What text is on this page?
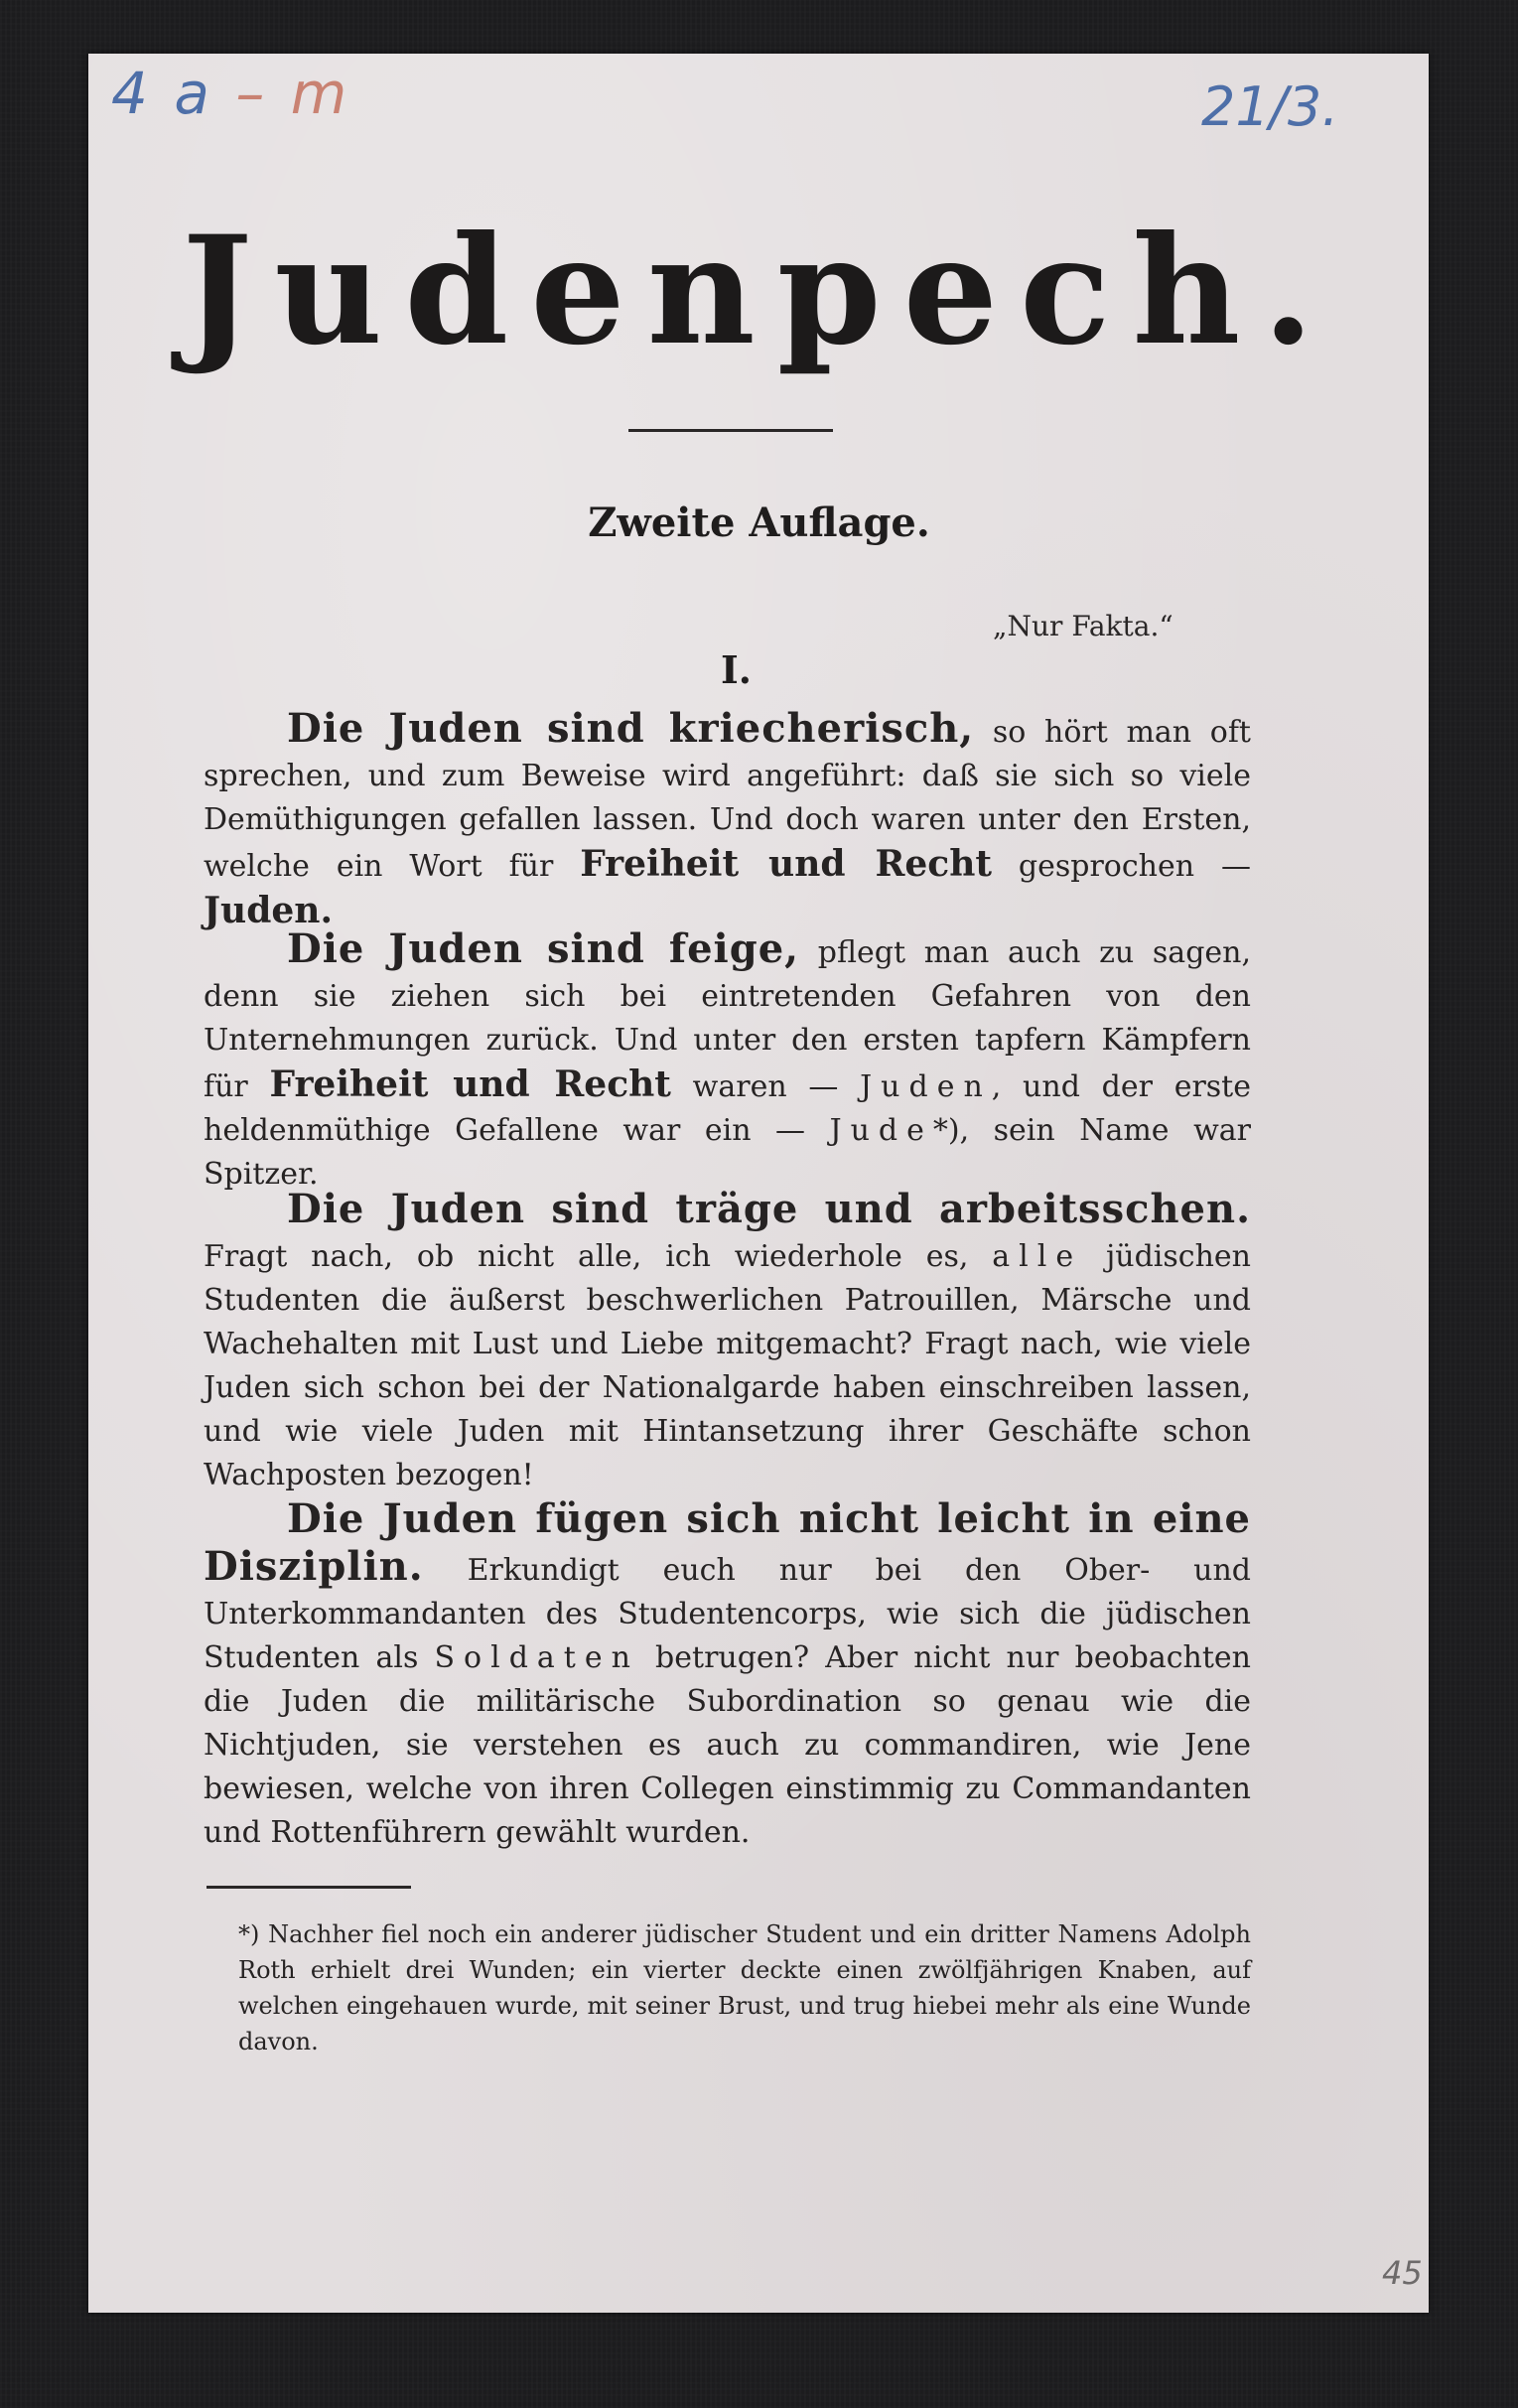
4 a – m	21/3.
45
Judenpech.
Zweite Auflage.
„Nur Fakta.“
I.
Die Juden sind kriecherisch, so hört man oft sprechen, und zum Beweise wird angeführt: daß sie sich so viele Demüthigungen gefallen lassen. Und doch waren unter den Ersten, welche ein Wort für Freiheit und Recht gesprochen — Juden.
Die Juden sind feige, pflegt man auch zu sagen, denn sie ziehen sich bei eintretenden Gefahren von den Unternehmungen zurück. Und unter den ersten tapfern Kämpfern für Freiheit und Recht waren — Juden, und der erste heldenmüthige Gefallene war ein — Jude*), sein Name war Spitzer.
Die Juden sind träge und arbeitsschen. Fragt nach, ob nicht alle, ich wiederhole es, alle jüdischen Studenten die äußerst beschwerlichen Patrouillen, Märsche und Wachehalten mit Lust und Liebe mitgemacht? Fragt nach, wie viele Juden sich schon bei der Nationalgarde haben einschreiben lassen, und wie viele Juden mit Hintansetzung ihrer Geschäfte schon Wachposten bezogen!
Die Juden fügen sich nicht leicht in eine Disziplin. Erkundigt euch nur bei den Ober- und Unterkommandanten des Studentencorps, wie sich die jüdischen Studenten als Soldaten betrugen? Aber nicht nur beobachten die Juden die militärische Subordination so genau wie die Nichtjuden, sie verstehen es auch zu commandiren, wie Jene bewiesen, welche von ihren Collegen einstimmig zu Commandanten und Rottenführern gewählt wurden.
*) Nachher fiel noch ein anderer jüdischer Student und ein dritter Namens Adolph Roth erhielt drei Wunden; ein vierter deckte einen zwölfjährigen Knaben, auf welchen eingehauen wurde, mit seiner Brust, und trug hiebei mehr als eine Wunde davon.
